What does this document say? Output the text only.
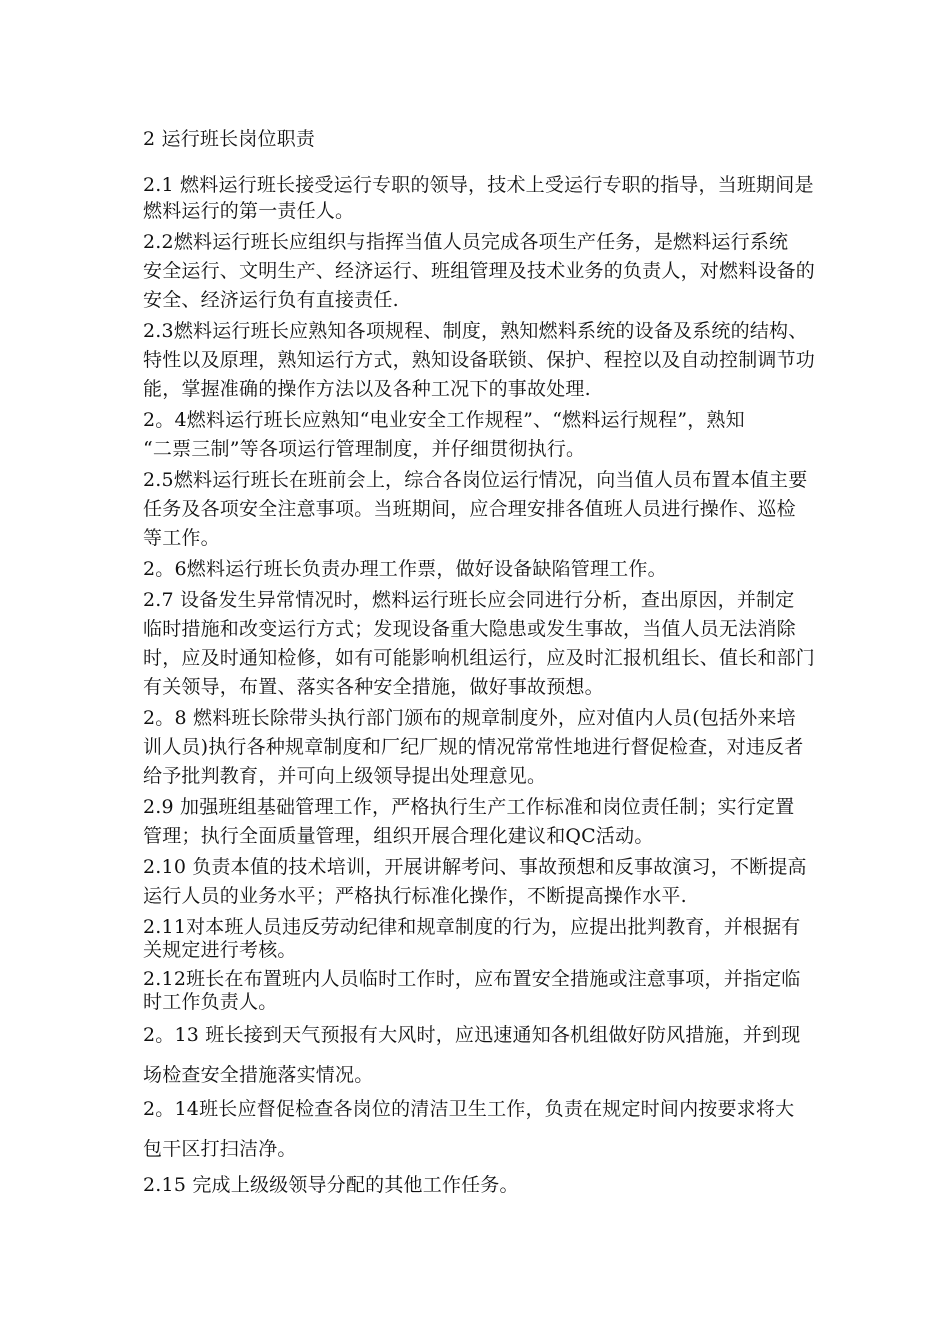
2 运行班长岗位职责
2.1 燃料运行班长接受运行专职的领导，技术上受运行专职的指导，当班期间是
燃料运行的第一责任人。
2.2燃料运行班长应组织与指挥当值人员完成各项生产任务，是燃料运行系统
安全运行、文明生产、经济运行、班组管理及技术业务的负责人，对燃料设备的
安全、经济运行负有直接责任.
2.3燃料运行班长应熟知各项规程、制度，熟知燃料系统的设备及系统的结构、
特性以及原理，熟知运行方式，熟知设备联锁、保护、程控以及自动控制调节功
能，掌握准确的操作方法以及各种工况下的事故处理.
2。4燃料运行班长应熟知“电业安全工作规程”、“燃料运行规程”，熟知
“二票三制”等各项运行管理制度，并仔细贯彻执行。
2.5燃料运行班长在班前会上，综合各岗位运行情况，向当值人员布置本值主要
任务及各项安全注意事项。当班期间，应合理安排各值班人员进行操作、巡检
等工作。
2。6燃料运行班长负责办理工作票，做好设备缺陷管理工作。
2.7 设备发生异常情况时，燃料运行班长应会同进行分析，查出原因，并制定
临时措施和改变运行方式；发现设备重大隐患或发生事故，当值人员无法消除
时，应及时通知检修，如有可能影响机组运行，应及时汇报机组长、值长和部门
有关领导，布置、落实各种安全措施，做好事故预想。
2。8 燃料班长除带头执行部门颁布的规章制度外，应对值内人员(包括外来培
训人员)执行各种规章制度和厂纪厂规的情况常常性地进行督促检查，对违反者
给予批判教育，并可向上级领导提出处理意见。
2.9 加强班组基础管理工作，严格执行生产工作标准和岗位责任制；实行定置
管理；执行全面质量管理，组织开展合理化建议和QC活动。
2.10 负责本值的技术培训，开展讲解考问、事故预想和反事故演习，不断提高
运行人员的业务水平；严格执行标准化操作，不断提高操作水平.
2.11对本班人员违反劳动纪律和规章制度的行为，应提出批判教育，并根据有
关规定进行考核。
2.12班长在布置班内人员临时工作时，应布置安全措施或注意事项，并指定临
时工作负责人。
2。13 班长接到天气预报有大风时，应迅速通知各机组做好防风措施，并到现
场检查安全措施落实情况。
2。14班长应督促检查各岗位的清洁卫生工作，负责在规定时间内按要求将大
包干区打扫洁净。
2.15 完成上级级领导分配的其他工作任务。
